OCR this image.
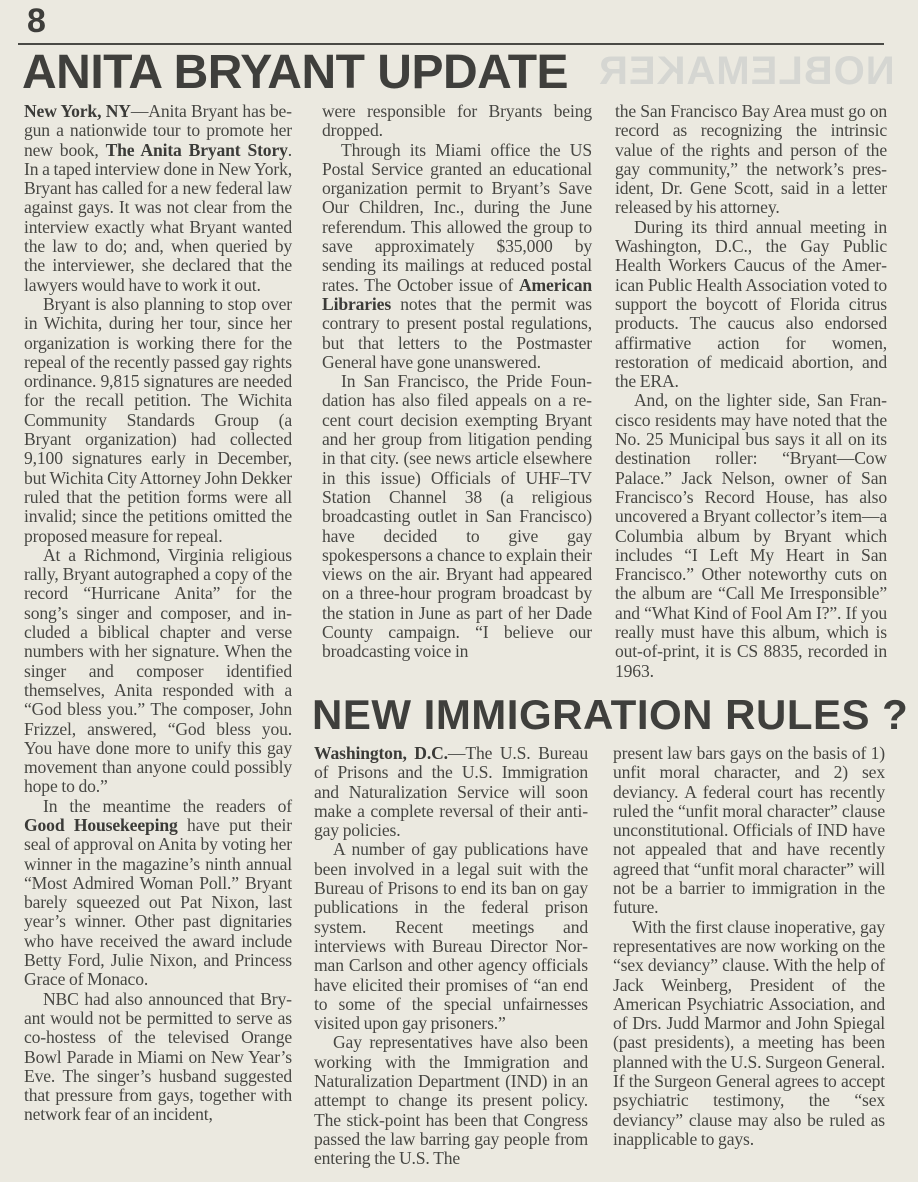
8
NOBLEMAKER
ANITA BRYANT UPDATE

New York, NY—Anita Bryant has begun a nationwide tour to promote her new book, The Anita Bryant Story. In a taped interview done in New York, Bryant has called for a new federal law against gays. It was not clear from the interview exactly what Bryant wanted the law to do; and, when queried by the interviewer, she declared that the lawyers would have to work it out.

Bryant is also planning to stop over in Wichita, during her tour, since her organization is working there for the repeal of the recently passed gay rights ordinance. 9,815 signatures are needed for the recall petition. The Wichita Community Standards Group (a Bryant organization) had collected 9,100 signatures early in December, but Wichita City Attorney John Dekker ruled that the petition forms were all invalid; since the petitions omitted the proposed measure for repeal.

At a Richmond, Virginia religious rally, Bryant autographed a copy of the record “Hurricane Anita” for the song’s singer and composer, and included a biblical chapter and verse numbers with her signature. When the singer and composer identified themselves, Anita responded with a “God bless you.” The composer, John Frizzel, answered, “God bless you. You have done more to unify this gay movement than anyone could possibly hope to do.”

In the meantime the readers of Good Housekeeping have put their seal of approval on Anita by voting her winner in the magazine’s ninth annual “Most Admired Woman Poll.” Bryant barely squeezed out Pat Nixon, last year’s winner. Other past dignitaries who have received the award include Betty Ford, Julie Nixon, and Princess Grace of Monaco.

NBC had also announced that Bryant would not be permitted to serve as co-hostess of the televised Orange Bowl Parade in Miami on New Year’s Eve. The singer’s husband suggested that pressure from gays, together with network fear of an incident,

were responsible for Bryants being dropped.

Through its Miami office the US Postal Service granted an educational organization permit to Bryant’s Save Our Children, Inc., during the June referendum. This allowed the group to save approximately $35,000 by sending its mailings at reduced postal rates. The October issue of American Libraries notes that the permit was contrary to present postal regulations, but that letters to the Postmaster General have gone unanswered.

In San Francisco, the Pride Foundation has also filed appeals on a recent court decision exempting Bryant and her group from litigation pending in that city. (see news article elsewhere in this issue) Officials of UHF–TV Station Channel 38 (a religious broadcasting outlet in San Francisco) have decided to give gay spokespersons a chance to explain their views on the air. Bryant had appeared on a three-hour program broadcast by the station in June as part of her Dade County campaign. “I believe our broadcasting voice in

the San Francisco Bay Area must go on record as recognizing the intrinsic value of the rights and person of the gay community,” the network’s president, Dr. Gene Scott, said in a letter released by his attorney.

During its third annual meeting in Washington, D.C., the Gay Public Health Workers Caucus of the American Public Health Association voted to support the boycott of Florida citrus products. The caucus also endorsed affirmative action for women, restoration of medicaid abortion, and the ERA.

And, on the lighter side, San Francisco residents may have noted that the No. 25 Municipal bus says it all on its destination roller: “Bryant—Cow Palace.” Jack Nelson, owner of San Francisco’s Record House, has also uncovered a Bryant collector’s item—a Columbia album by Bryant which includes “I Left My Heart in San Francisco.” Other noteworthy cuts on the album are “Call Me Irresponsible” and “What Kind of Fool Am I?”. If you really must have this album, which is out-of-print, it is CS 8835, recorded in 1963.

NEW IMMIGRATION RULES ?

Washington, D.C.—The U.S. Bureau of Prisons and the U.S. Immigration and Naturalization Service will soon make a complete reversal of their anti-gay policies.

A number of gay publications have been involved in a legal suit with the Bureau of Prisons to end its ban on gay publications in the federal prison system. Recent meetings and interviews with Bureau Director Norman Carlson and other agency officials have elicited their promises of “an end to some of the special unfairnesses visited upon gay prisoners.”

Gay representatives have also been working with the Immigration and Naturalization Department (IND) in an attempt to change its present policy. The stick-point has been that Congress passed the law barring gay people from entering the U.S. The

present law bars gays on the basis of 1) unfit moral character, and 2) sex deviancy. A federal court has recently ruled the “unfit moral character” clause unconstitutional. Officials of IND have not appealed that and have recently agreed that “unfit moral character” will not be a barrier to immigration in the future.

With the first clause inoperative, gay representatives are now working on the “sex deviancy” clause. With the help of Jack Weinberg, President of the American Psychiatric Association, and of Drs. Judd Marmor and John Spiegal (past presidents), a meeting has been planned with the U.S. Surgeon General. If the Surgeon General agrees to accept psychiatric testimony, the “sex deviancy” clause may also be ruled as inapplicable to gays.
